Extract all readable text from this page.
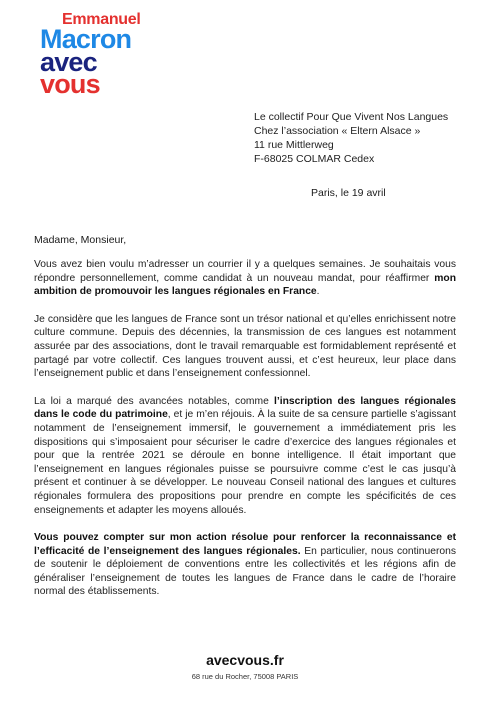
Emmanuel
Macron
avec
vous
Le collectif Pour Que Vivent Nos Langues
Chez l’association « Eltern Alsace »
11 rue Mittlerweg
F-68025 COLMAR Cedex
Paris, le 19 avril
Madame, Monsieur,

Vous avez bien voulu m’adresser un courrier il y a quelques semaines. Je souhaitais vous répondre personnellement, comme candidat à un nouveau mandat, pour réaffirmer mon ambition de promouvoir les langues régionales en France.

Je considère que les langues de France sont un trésor national et qu’elles enrichissent notre culture commune. Depuis des décennies, la transmission de ces langues est notamment assurée par des associations, dont le travail remarquable est formidablement représenté et partagé par votre collectif. Ces langues trouvent aussi, et c’est heureux, leur place dans l’enseignement public et dans l’enseignement confessionnel.

La loi a marqué des avancées notables, comme l’inscription des langues régionales dans le code du patrimoine, et je m’en réjouis. À la suite de sa censure partielle s’agissant notamment de l’enseignement immersif, le gouvernement a immédiatement pris les dispositions qui s’imposaient pour sécuriser le cadre d’exercice des langues régionales et pour que la rentrée 2021 se déroule en bonne intelligence. Il était important que l’enseignement en langues régionales puisse se poursuivre comme c’est le cas jusqu’à présent et continuer à se développer. Le nouveau Conseil national des langues et cultures régionales formulera des propositions pour prendre en compte les spécificités de ces enseignements et adapter les moyens alloués.

Vous pouvez compter sur mon action résolue pour renforcer la reconnaissance et l’efficacité de l’enseignement des langues régionales. En particulier, nous continuerons de soutenir le déploiement de conventions entre les collectivités et les régions afin de généraliser l’enseignement de toutes les langues de France dans le cadre de l’horaire normal des établissements.

avecvous.fr
68 rue du Rocher, 75008 PARIS
